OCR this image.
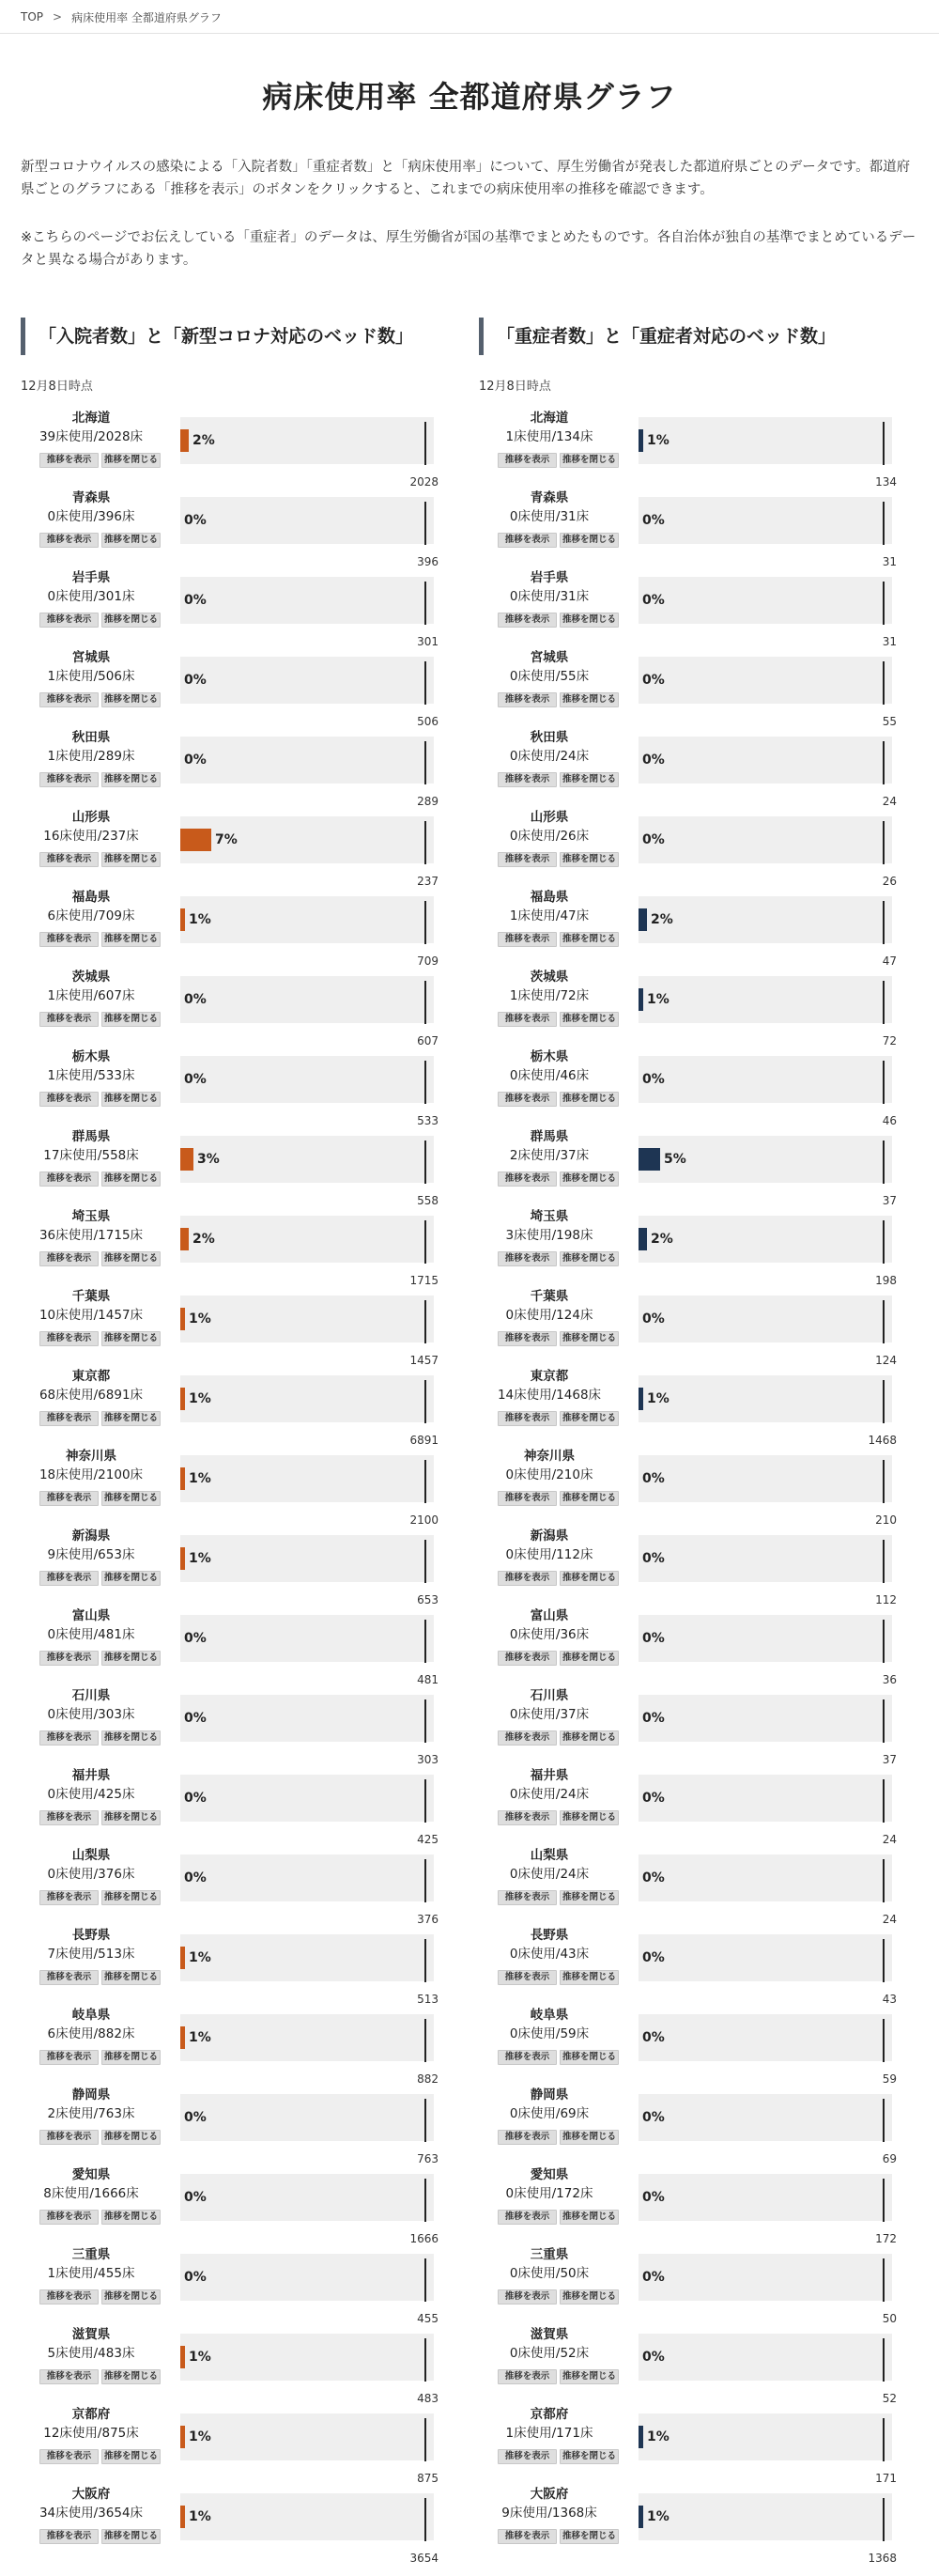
TOP > 病床使用率 全都道府県グラフ
病床使用率 全都道府県グラフ

新型コロナウイルスの感染による「入院者数」「重症者数」と「病床使用率」について、厚生労働省が発表した都道府県ごとのデータです。都道府県ごとのグラフにある「推移を表示」のボタンをクリックすると、これまでの病床使用率の推移を確認できます。

※こちらのページでお伝えしている「重症者」のデータは、厚生労働省が国の基準でまとめたものです。各自治体が独自の基準でまとめているデータと異なる場合があります。

「入院者数」と「新型コロナ対応のベッド数」
12月8日時点
北海道
39床使用/2028床
推移を表示	推移を閉じる
2%
2028
青森県
0床使用/396床
推移を表示	推移を閉じる
0%
396
岩手県
0床使用/301床
推移を表示	推移を閉じる
0%
301
宮城県
1床使用/506床
推移を表示	推移を閉じる
0%
506
秋田県
1床使用/289床
推移を表示	推移を閉じる
0%
289
山形県
16床使用/237床
推移を表示	推移を閉じる
7%
237
福島県
6床使用/709床
推移を表示	推移を閉じる
1%
709
茨城県
1床使用/607床
推移を表示	推移を閉じる
0%
607
栃木県
1床使用/533床
推移を表示	推移を閉じる
0%
533
群馬県
17床使用/558床
推移を表示	推移を閉じる
3%
558
埼玉県
36床使用/1715床
推移を表示	推移を閉じる
2%
1715
千葉県
10床使用/1457床
推移を表示	推移を閉じる
1%
1457
東京都
68床使用/6891床
推移を表示	推移を閉じる
1%
6891
神奈川県
18床使用/2100床
推移を表示	推移を閉じる
1%
2100
新潟県
9床使用/653床
推移を表示	推移を閉じる
1%
653
富山県
0床使用/481床
推移を表示	推移を閉じる
0%
481
石川県
0床使用/303床
推移を表示	推移を閉じる
0%
303
福井県
0床使用/425床
推移を表示	推移を閉じる
0%
425
山梨県
0床使用/376床
推移を表示	推移を閉じる
0%
376
長野県
7床使用/513床
推移を表示	推移を閉じる
1%
513
岐阜県
6床使用/882床
推移を表示	推移を閉じる
1%
882
静岡県
2床使用/763床
推移を表示	推移を閉じる
0%
763
愛知県
8床使用/1666床
推移を表示	推移を閉じる
0%
1666
三重県
1床使用/455床
推移を表示	推移を閉じる
0%
455
滋賀県
5床使用/483床
推移を表示	推移を閉じる
1%
483
京都府
12床使用/875床
推移を表示	推移を閉じる
1%
875
大阪府
34床使用/3654床
推移を表示	推移を閉じる
1%
3654
「重症者数」と「重症者対応のベッド数」
12月8日時点
北海道
1床使用/134床
推移を表示	推移を閉じる
1%
134
青森県
0床使用/31床
推移を表示	推移を閉じる
0%
31
岩手県
0床使用/31床
推移を表示	推移を閉じる
0%
31
宮城県
0床使用/55床
推移を表示	推移を閉じる
0%
55
秋田県
0床使用/24床
推移を表示	推移を閉じる
0%
24
山形県
0床使用/26床
推移を表示	推移を閉じる
0%
26
福島県
1床使用/47床
推移を表示	推移を閉じる
2%
47
茨城県
1床使用/72床
推移を表示	推移を閉じる
1%
72
栃木県
0床使用/46床
推移を表示	推移を閉じる
0%
46
群馬県
2床使用/37床
推移を表示	推移を閉じる
5%
37
埼玉県
3床使用/198床
推移を表示	推移を閉じる
2%
198
千葉県
0床使用/124床
推移を表示	推移を閉じる
0%
124
東京都
14床使用/1468床
推移を表示	推移を閉じる
1%
1468
神奈川県
0床使用/210床
推移を表示	推移を閉じる
0%
210
新潟県
0床使用/112床
推移を表示	推移を閉じる
0%
112
富山県
0床使用/36床
推移を表示	推移を閉じる
0%
36
石川県
0床使用/37床
推移を表示	推移を閉じる
0%
37
福井県
0床使用/24床
推移を表示	推移を閉じる
0%
24
山梨県
0床使用/24床
推移を表示	推移を閉じる
0%
24
長野県
0床使用/43床
推移を表示	推移を閉じる
0%
43
岐阜県
0床使用/59床
推移を表示	推移を閉じる
0%
59
静岡県
0床使用/69床
推移を表示	推移を閉じる
0%
69
愛知県
0床使用/172床
推移を表示	推移を閉じる
0%
172
三重県
0床使用/50床
推移を表示	推移を閉じる
0%
50
滋賀県
0床使用/52床
推移を表示	推移を閉じる
0%
52
京都府
1床使用/171床
推移を表示	推移を閉じる
1%
171
大阪府
9床使用/1368床
推移を表示	推移を閉じる
1%
1368
